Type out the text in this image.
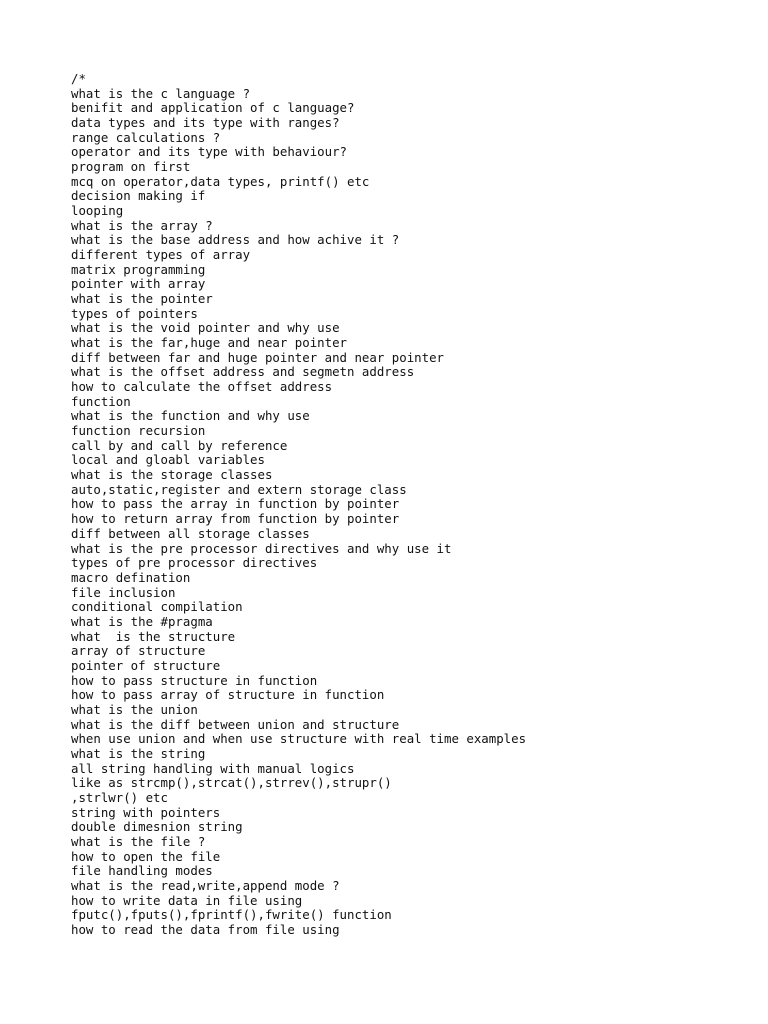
/*
what is the c language ?
benifit and application of c language?
data types and its type with ranges?
range calculations ?
operator and its type with behaviour?
program on first
mcq on operator,data types, printf() etc
decision making if
looping
what is the array ?
what is the base address and how achive it ?
different types of array
matrix programming
pointer with array
what is the pointer
types of pointers
what is the void pointer and why use
what is the far,huge and near pointer
diff between far and huge pointer and near pointer
what is the offset address and segmetn address
how to calculate the offset address
function
what is the function and why use
function recursion
call by and call by reference
local and gloabl variables
what is the storage classes
auto,static,register and extern storage class
how to pass the array in function by pointer
how to return array from function by pointer
diff between all storage classes
what is the pre processor directives and why use it
types of pre processor directives
macro defination
file inclusion
conditional compilation
what is the #pragma
what  is the structure
array of structure
pointer of structure
how to pass structure in function
how to pass array of structure in function
what is the union
what is the diff between union and structure
when use union and when use structure with real time examples
what is the string
all string handling with manual logics
like as strcmp(),strcat(),strrev(),strupr()
,strlwr() etc
string with pointers
double dimesnion string
what is the file ?
how to open the file
file handling modes
what is the read,write,append mode ?
how to write data in file using
fputc(),fputs(),fprintf(),fwrite() function
how to read the data from file using
